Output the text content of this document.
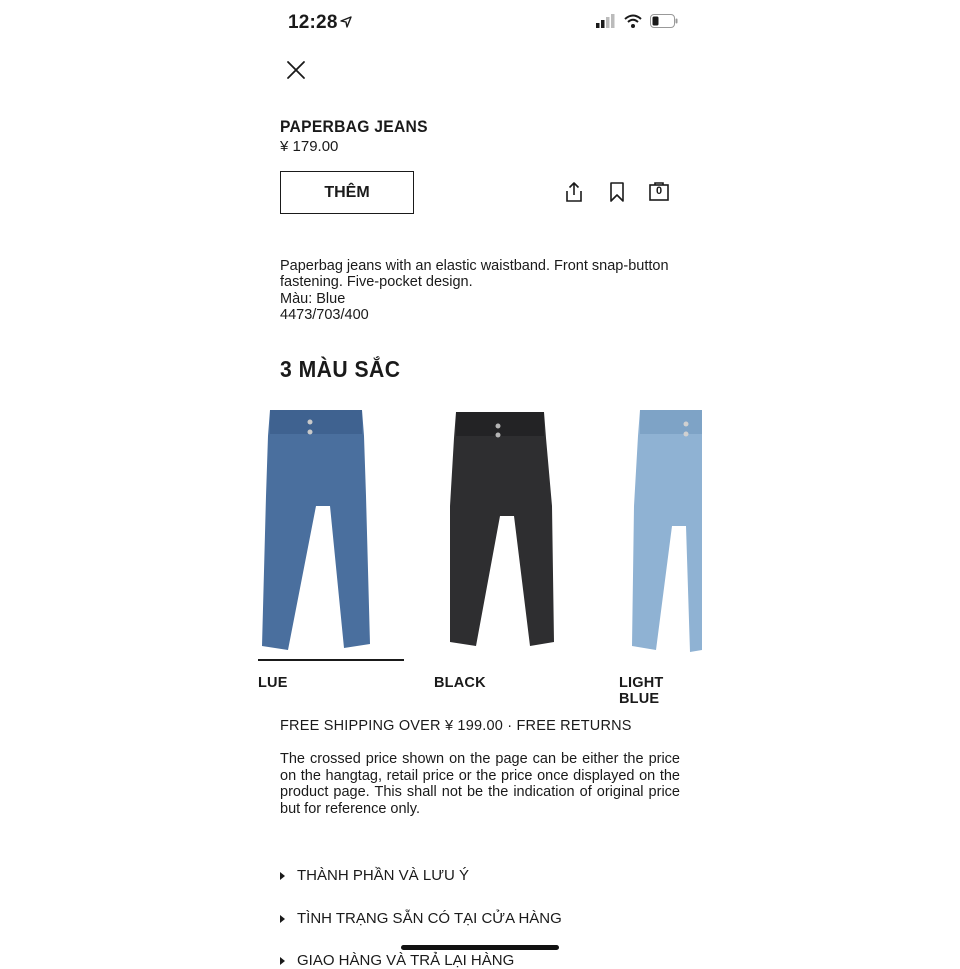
12:28
PAPERBAG JEANS
¥ 179.00
THÊM	0
Paperbag jeans with an elastic waistband. Front snap-button fastening. Five-pocket design.
Màu: Blue
4473/703/400
3 MÀU SẮC
LUE	BLACK	LIGHT BLUE
FREE SHIPPING OVER ¥ 199.00 · FREE RETURNS
The crossed price shown on the page can be either the price on the hangtag, retail price or the price once displayed on the product page. This shall not be the indication of original price but for reference only.
THÀNH PHẦN VÀ LƯU Ý
TÌNH TRẠNG SẴN CÓ TẠI CỬA HÀNG
GIAO HÀNG VÀ TRẢ LẠI HÀNG
